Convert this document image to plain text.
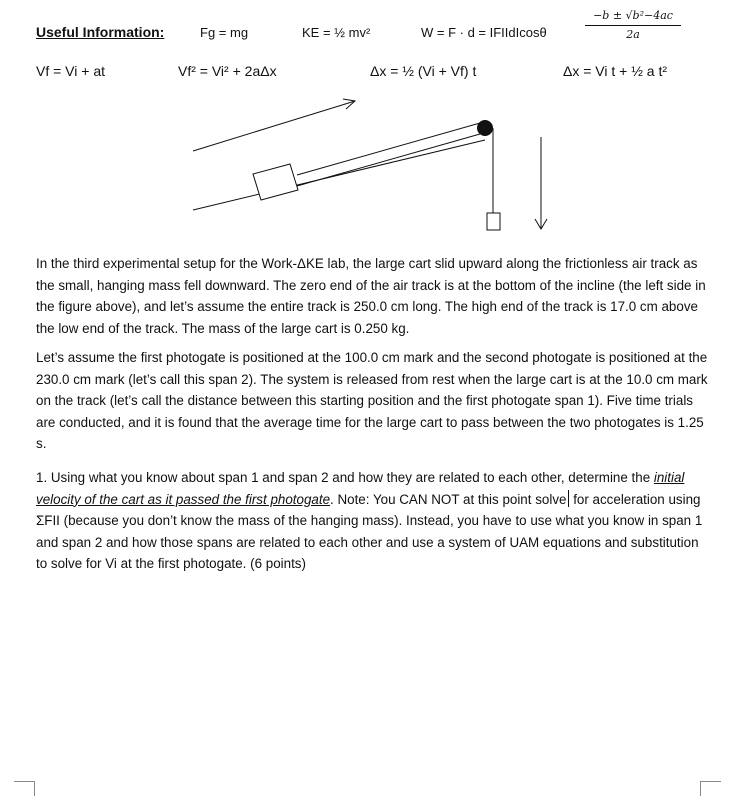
Useful Information:	Fg = mg	KE = ½ mv²	W = F · d = IFIIdIcosθ	$\frac{\text{−b ± √b²−4ac}}{2a}$
Vf = Vi + at	Vf² = Vi² + 2aΔx	Δx = ½ (Vi + Vf) t	Δx = Vi t + ½ a t²
In the third experimental setup for the Work-ΔKE lab, the large cart slid upward along the frictionless air track as the small, hanging mass fell downward. The zero end of the air track is at the bottom of the incline (the left side in the figure above), and let’s assume the entire track is 250.0 cm long. The high end of the track is 17.0 cm above the low end of the track. The mass of the large cart is 0.250 kg.
Let’s assume the first photogate is positioned at the 100.0 cm mark and the second photogate is positioned at the 230.0 cm mark (let’s call this span 2). The system is released from rest when the large cart is at the 10.0 cm mark on the track (let’s call the distance between this starting position and the first photogate span 1). Five time trials are conducted, and it is found that the average time for the large cart to pass between the two photogates is 1.25 s.
1. Using what you know about span 1 and span 2 and how they are related to each other, determine the initial velocity of the cart as it passed the first photogate. Note: You CAN NOT at this point solve for acceleration using ΣFII (because you don’t know the mass of the hanging mass). Instead, you have to use what you know in span 1 and span 2 and how those spans are related to each other and use a system of UAM equations and substitution to solve for Vi at the first photogate. (6 points)
